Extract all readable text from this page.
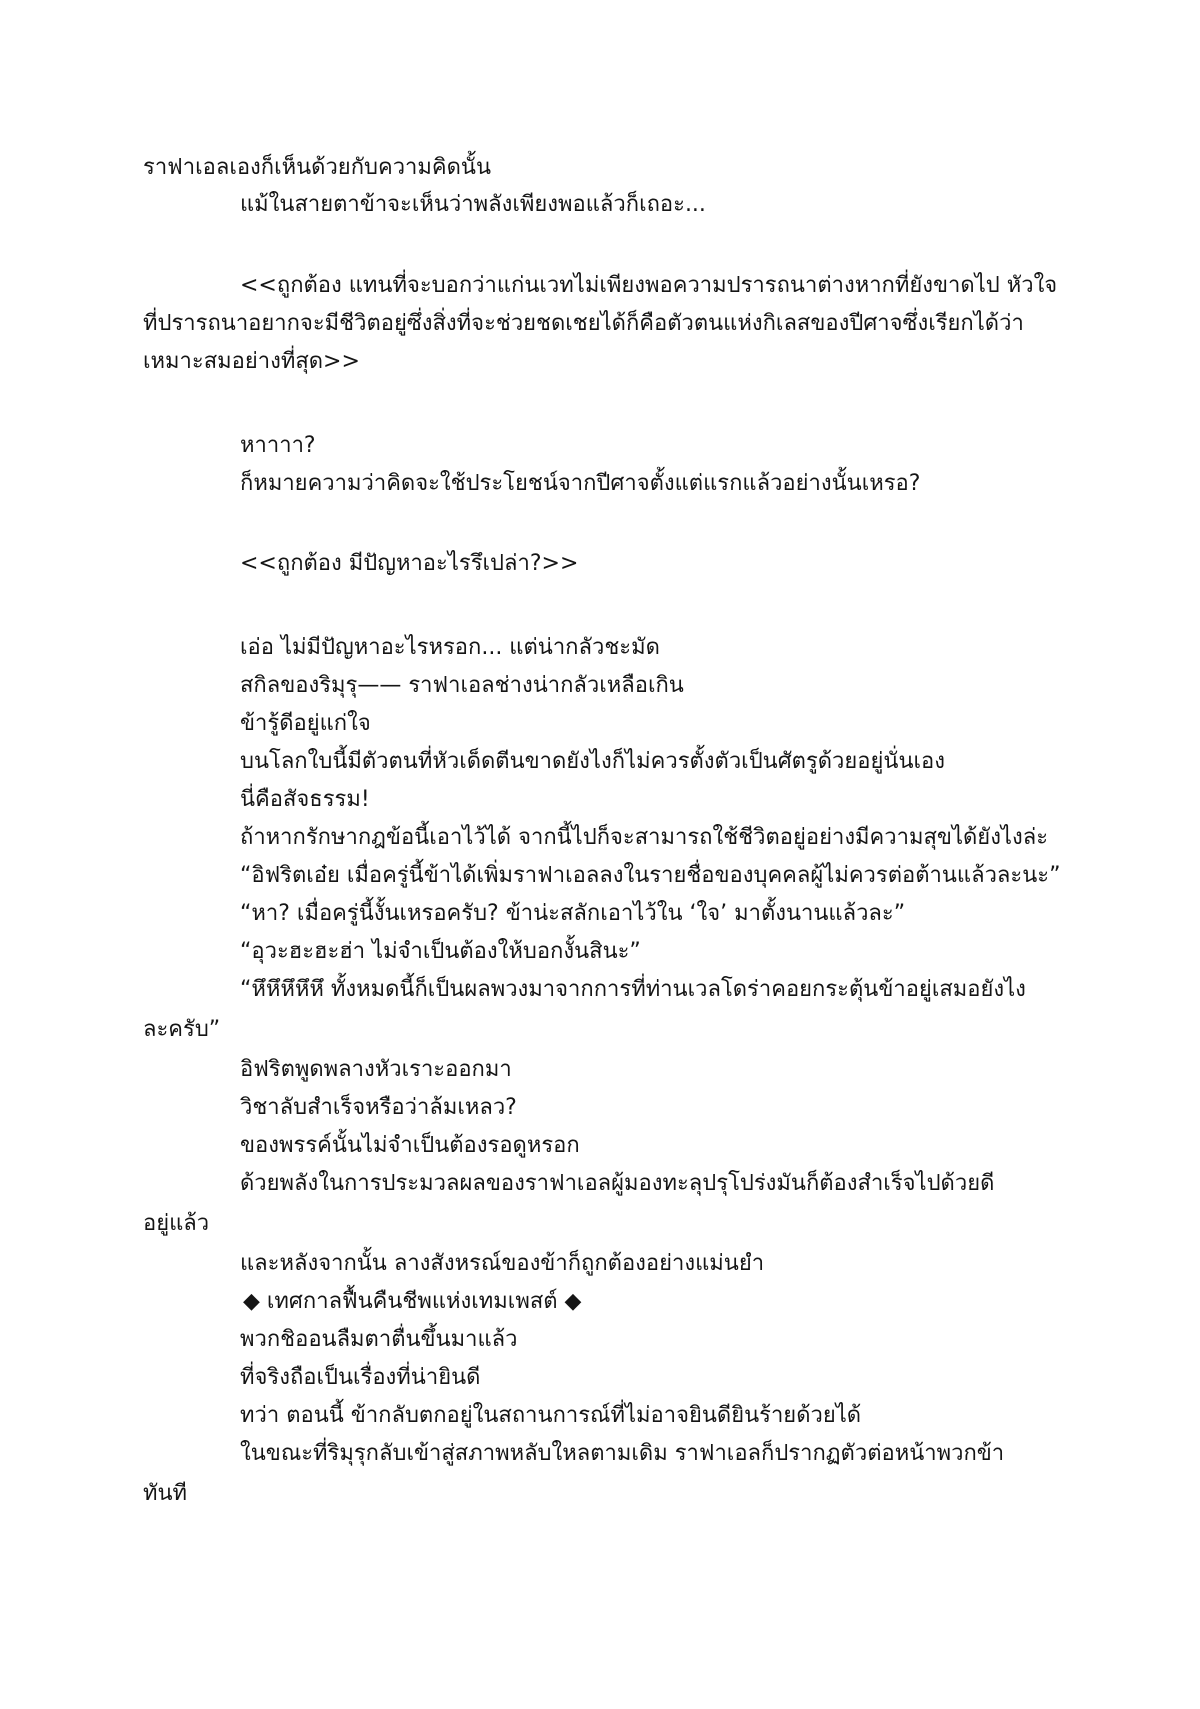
ราฟาเอลเองก็เห็นด้วยกับความคิดนั้น
แม้ในสายตาข้าจะเห็นว่าพลังเพียงพอแล้วก็เถอะ...
<<ถูกต้อง แทนที่จะบอกว่าแก่นเวทไม่เพียงพอความปรารถนาต่างหากที่ยังขาดไป หัวใจ
ที่ปรารถนาอยากจะมีชีวิตอยู่ซึ่งสิ่งที่จะช่วยชดเชยได้ก็คือตัวตนแห่งกิเลสของปีศาจซึ่งเรียกได้ว่า
เหมาะสมอย่างที่สุด>>
หาาาา?
ก็หมายความว่าคิดจะใช้ประโยชน์จากปีศาจตั้งแต่แรกแล้วอย่างนั้นเหรอ?
<<ถูกต้อง มีปัญหาอะไรรึเปล่า?>>
เอ่อ ไม่มีปัญหาอะไรหรอก... แต่น่ากลัวชะมัด
สกิลของริมุรุ—— ราฟาเอลช่างน่ากลัวเหลือเกิน
ข้ารู้ดีอยู่แก่ใจ
บนโลกใบนี้มีตัวตนที่หัวเด็ดตีนขาดยังไงก็ไม่ควรตั้งตัวเป็นศัตรูด้วยอยู่นั่นเอง
นี่คือสัจธรรม!
ถ้าหากรักษากฎข้อนี้เอาไว้ได้ จากนี้ไปก็จะสามารถใช้ชีวิตอยู่อย่างมีความสุขได้ยังไงล่ะ
“อิฟริตเอ๋ย เมื่อครู่นี้ข้าได้เพิ่มราฟาเอลลงในรายชื่อของบุคคลผู้ไม่ควรต่อต้านแล้วละนะ”
“หา? เมื่อครู่นี้งั้นเหรอครับ? ข้าน่ะสลักเอาไว้ใน ‘ใจ’ มาตั้งนานแล้วละ”
“อุวะฮะฮะฮ่า ไม่จำเป็นต้องให้บอกงั้นสินะ”
“หึหึหึหึหึ ทั้งหมดนี้ก็เป็นผลพวงมาจากการที่ท่านเวลโดร่าคอยกระตุ้นข้าอยู่เสมอยังไง
ละครับ”
อิฟริตพูดพลางหัวเราะออกมา
วิชาลับสำเร็จหรือว่าล้มเหลว?
ของพรรค์นั้นไม่จำเป็นต้องรอดูหรอก
ด้วยพลังในการประมวลผลของราฟาเอลผู้มองทะลุปรุโปร่งมันก็ต้องสำเร็จไปด้วยดี
อยู่แล้ว
และหลังจากนั้น ลางสังหรณ์ของข้าก็ถูกต้องอย่างแม่นยำ
◆ เทศกาลฟื้นคืนชีพแห่งเทมเพสต์ ◆
พวกชิออนลืมตาตื่นขึ้นมาแล้ว
ที่จริงถือเป็นเรื่องที่น่ายินดี
ทว่า ตอนนี้ ข้ากลับตกอยู่ในสถานการณ์ที่ไม่อาจยินดียินร้ายด้วยได้
ในขณะที่ริมุรุกลับเข้าสู่สภาพหลับใหลตามเดิม ราฟาเอลก็ปรากฏตัวต่อหน้าพวกข้า
ทันที
